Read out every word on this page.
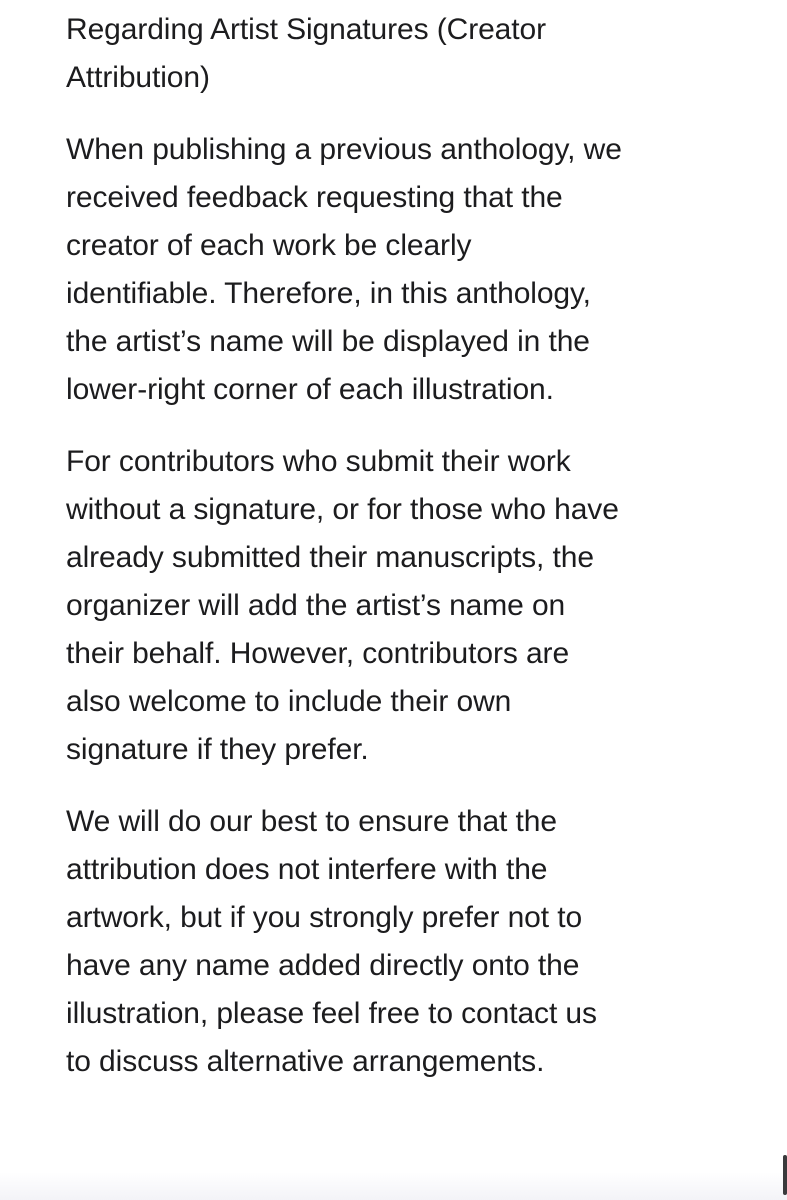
Regarding Artist Signatures (Creator
Attribution)

When publishing a previous anthology, we
received feedback requesting that the
creator of each work be clearly
identifiable. Therefore, in this anthology,
the artist’s name will be displayed in the
lower-right corner of each illustration.

For contributors who submit their work
without a signature, or for those who have
already submitted their manuscripts, the
organizer will add the artist’s name on
their behalf. However, contributors are
also welcome to include their own
signature if they prefer.

We will do our best to ensure that the
attribution does not interfere with the
artwork, but if you strongly prefer not to
have any name added directly onto the
illustration, please feel free to contact us
to discuss alternative arrangements.
